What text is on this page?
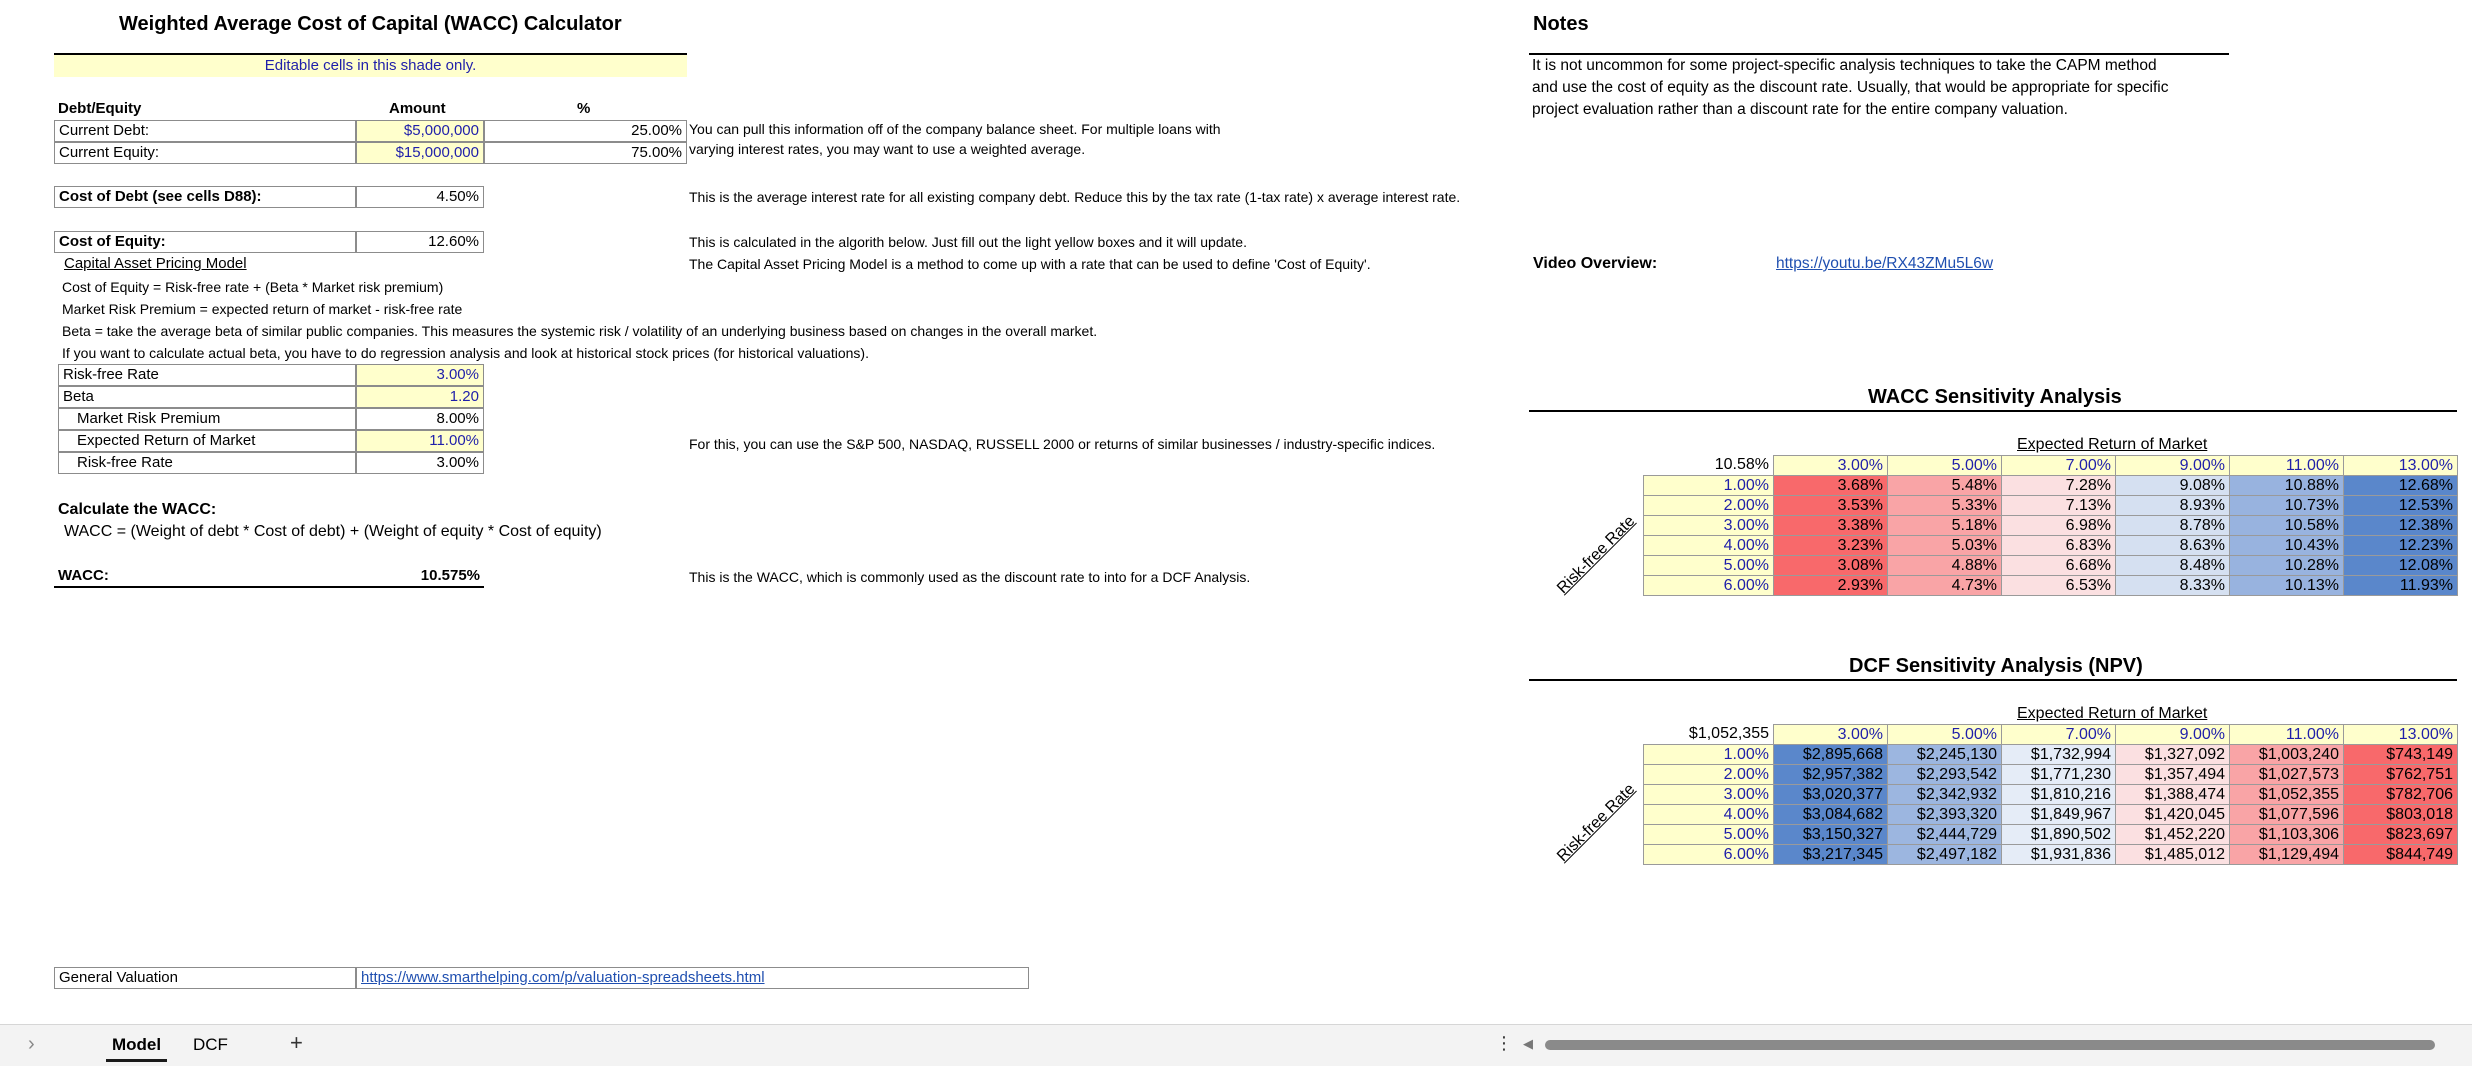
Weighted Average Cost of Capital (WACC) Calculator
Editable cells in this shade only.
Debt/Equity	Amount	%
Current Debt:	$5,000,000	25.00%
Current Equity:	$15,000,000	75.00%
You can pull this information off of the company balance sheet. For multiple loans with
varying interest rates, you may want to use a weighted average.
Cost of Debt (see cells D88):	4.50%	This is the average interest rate for all existing company debt. Reduce this by the tax rate (1-tax rate) x average interest rate.
Cost of Equity:	12.60%	This is calculated in the algorith below. Just fill out the light yellow boxes and it will update.
The Capital Asset Pricing Model is a method to come up with a rate that can be used to define 'Cost of Equity'.
Capital Asset Pricing Model
Cost of Equity = Risk-free rate + (Beta * Market risk premium)
Market Risk Premium = expected return of market - risk-free rate
Beta = take the average beta of similar public companies. This measures the systemic risk / volatility of an underlying business based on changes in the overall market.
If you want to calculate actual beta, you have to do regression analysis and look at historical stock prices (for historical valuations).
Risk-free Rate	3.00%
Beta	1.20
Market Risk Premium	8.00%
Expected Return of Market	11.00%
Risk-free Rate	3.00%
For this, you can use the S&P 500, NASDAQ, RUSSELL 2000 or returns of similar businesses / industry-specific indices.
Calculate the WACC:
WACC = (Weight of debt * Cost of debt) + (Weight of equity * Cost of equity)
WACC:	10.575%	This is the WACC, which is commonly used as the discount rate to into for a DCF Analysis.
General Valuation	https://www.smarthelping.com/p/valuation-spreadsheets.html
Notes
It is not uncommon for some project-specific analysis techniques to take the CAPM method
and use the cost of equity as the discount rate. Usually, that would be appropriate for specific
project evaluation rather than a discount rate for the entire company valuation.
Video Overview:	https://youtu.be/RX43ZMu5L6w
WACC Sensitivity Analysis
Expected Return of Market
Risk-free Rate
10.58%	3.00%	5.00%	7.00%	9.00%	11.00%	13.00%
1.00%	3.68%	5.48%	7.28%	9.08%	10.88%	12.68%
2.00%	3.53%	5.33%	7.13%	8.93%	10.73%	12.53%
3.00%	3.38%	5.18%	6.98%	8.78%	10.58%	12.38%
4.00%	3.23%	5.03%	6.83%	8.63%	10.43%	12.23%
5.00%	3.08%	4.88%	6.68%	8.48%	10.28%	12.08%
6.00%	2.93%	4.73%	6.53%	8.33%	10.13%	11.93%
DCF Sensitivity Analysis (NPV)
Expected Return of Market
Risk-free Rate
$1,052,355	3.00%	5.00%	7.00%	9.00%	11.00%	13.00%
1.00%	$2,895,668	$2,245,130	$1,732,994	$1,327,092	$1,003,240	$743,149
2.00%	$2,957,382	$2,293,542	$1,771,230	$1,357,494	$1,027,573	$762,751
3.00%	$3,020,377	$2,342,932	$1,810,216	$1,388,474	$1,052,355	$782,706
4.00%	$3,084,682	$2,393,320	$1,849,967	$1,420,045	$1,077,596	$803,018
5.00%	$3,150,327	$2,444,729	$1,890,502	$1,452,220	$1,103,306	$823,697
6.00%	$3,217,345	$2,497,182	$1,931,836	$1,485,012	$1,129,494	$844,749
›	Model	DCF	+	⋮ ◀
